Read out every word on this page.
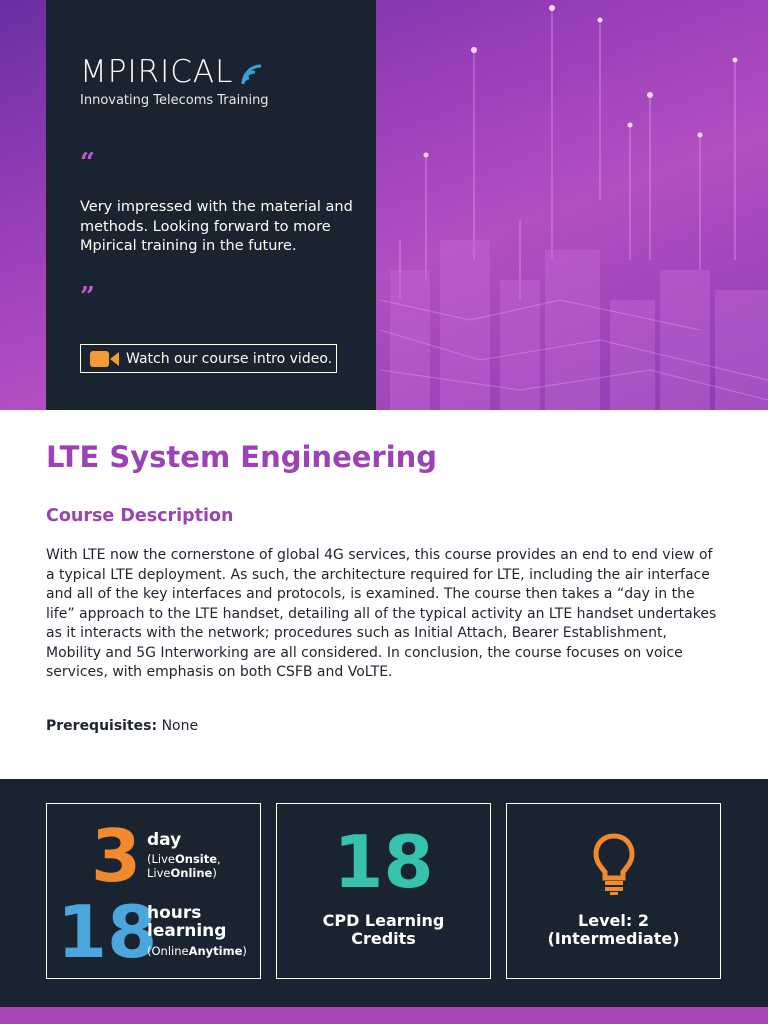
MPIRICAL
Innovating Telecoms Training
“
Very impressed with the material and methods. Looking forward to more Mpirical training in the future.
”
Watch our course intro video.
LTE System Engineering
Course Description

With LTE now the cornerstone of global 4G services, this course provides an end to end view of a typical LTE deployment. As such, the architecture required for LTE, including the air interface and all of the key interfaces and protocols, is examined. The course then takes a “day in the life” approach to the LTE handset, detailing all of the typical activity an LTE handset undertakes as it interacts with the network; procedures such as Initial Attach, Bearer Establishment, Mobility and 5G Interworking are all considered. In conclusion, the course focuses on voice services, with emphasis on both CSFB and VoLTE.

Prerequisites: None
3 day
(LiveOnsite,
LiveOnline)
18
hours
learning
(OnlineAnytime)
18
CPD Learning
Credits
Level: 2
(Intermediate)
